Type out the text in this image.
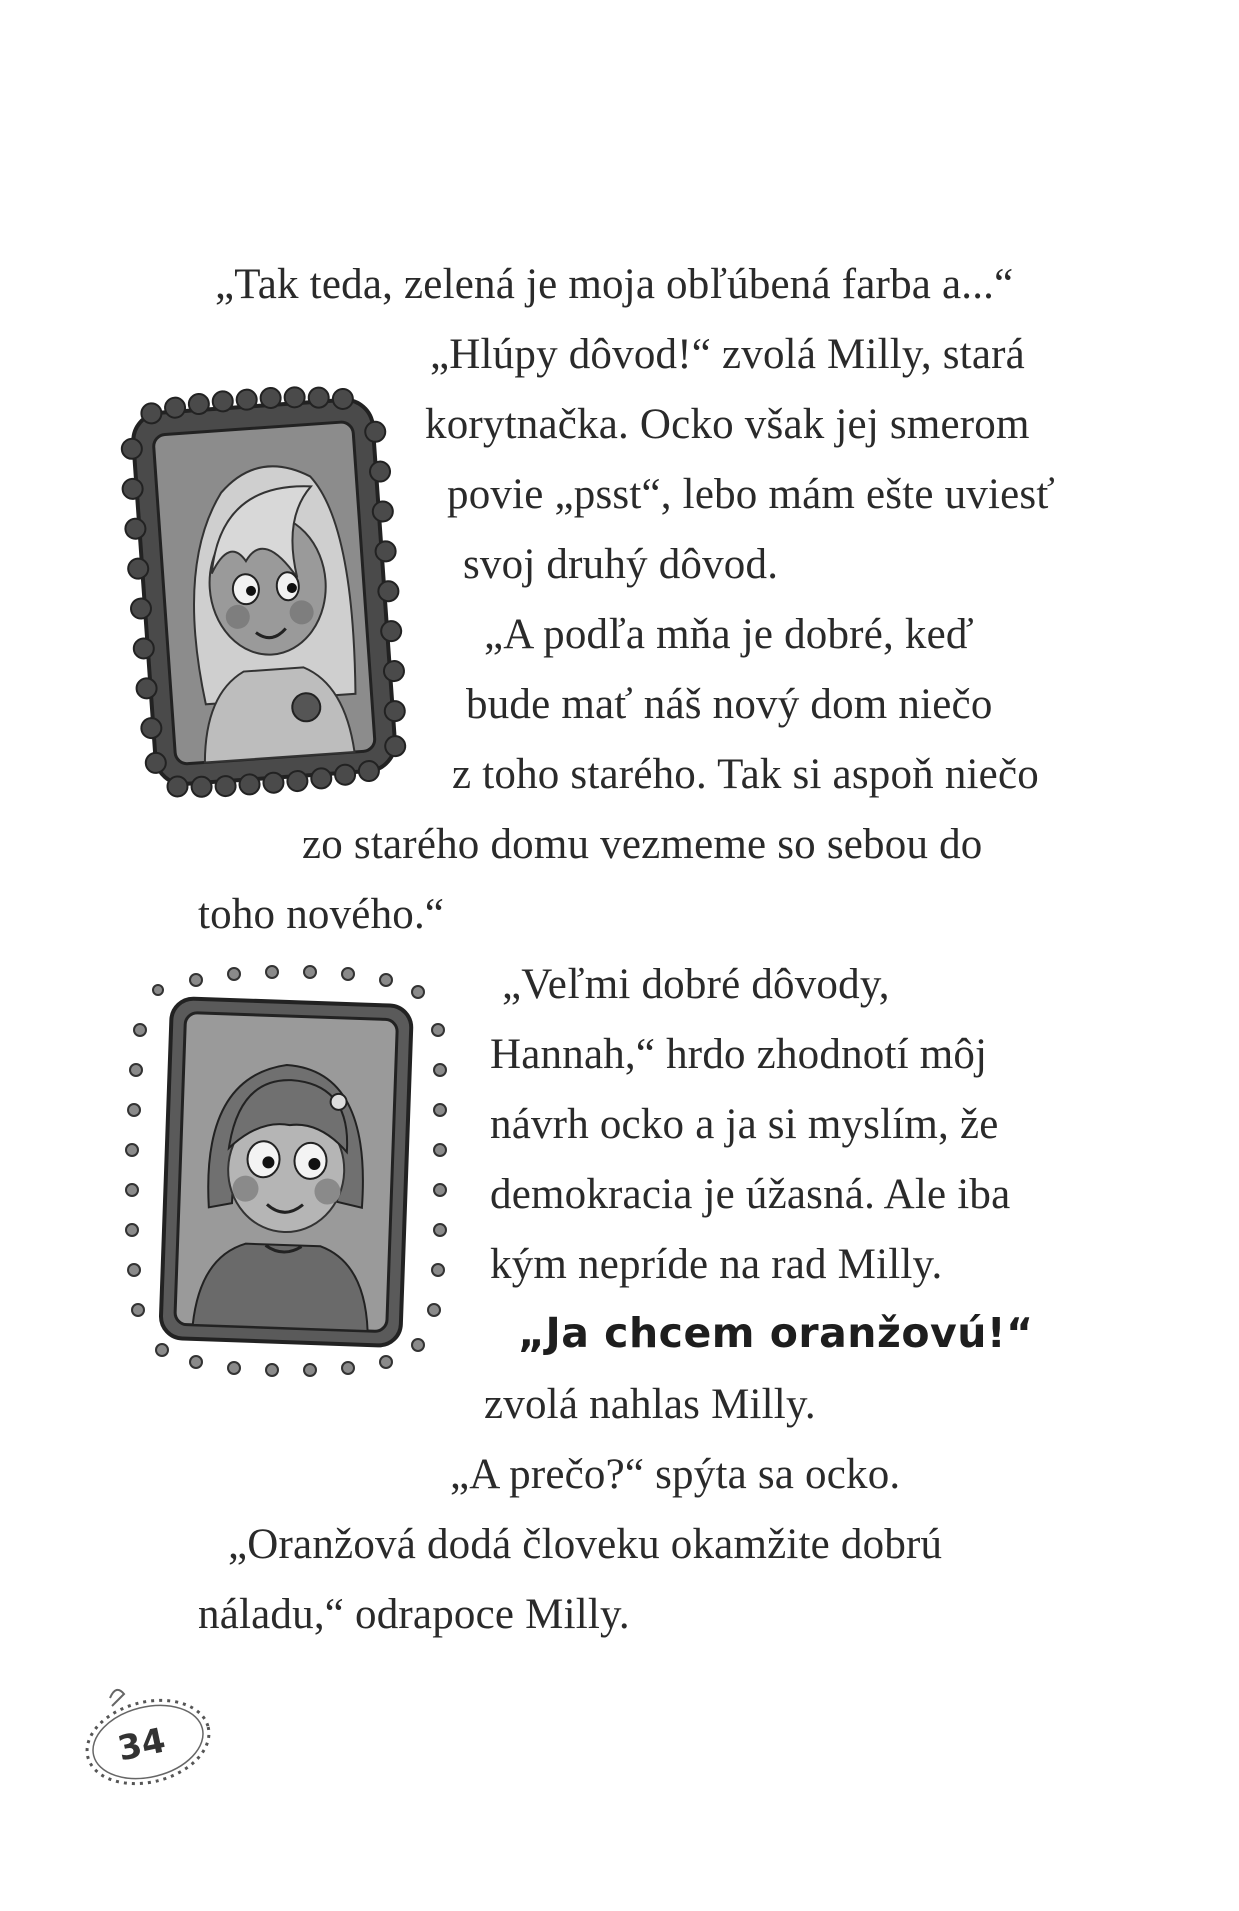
„Tak teda, zelená je moja obľúbená farba a...“
„Hlúpy dôvod!“ zvolá Milly, stará
korytnačka. Ocko však jej smerom
povie „psst“, lebo mám ešte uviesť
svoj druhý dôvod.
„A podľa mňa je dobré, keď
bude mať náš nový dom niečo
z toho starého. Tak si aspoň niečo
zo starého domu vezmeme so sebou do
toho nového.“
„Veľmi dobré dôvody,
Hannah,“ hrdo zhodnotí môj
návrh ocko a ja si myslím, že
demokracia je úžasná. Ale iba
kým nepríde na rad Milly.
„Ja chcem oranžovú!“
zvolá nahlas Milly.
„A prečo?“ spýta sa ocko.
„Oranžová dodá človeku okamžite dobrú
náladu,“ odrapoce Milly.
34
